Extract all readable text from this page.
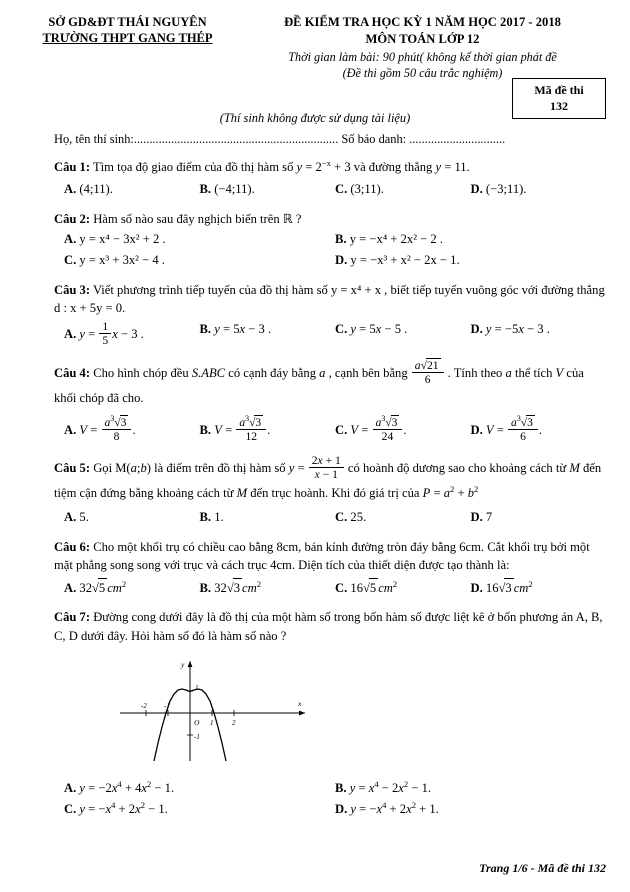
SỞ GD&ĐT THÁI NGUYÊN
TRƯỜNG THPT GANG THÉP
ĐỀ KIỂM TRA HỌC KỲ 1 NĂM HỌC 2017 - 2018
MÔN TOÁN LỚP 12
Thời gian làm bài: 90 phút( không kể thời gian phát đề
(Đề thi gồm 50 câu trắc nghiệm)
Mã đề thi
132
(Thí sinh không được sử dụng tài liệu)
Họ, tên thí sinh:.................................................................. Số báo danh: ...............................
Câu 1: Tìm tọa độ giao điểm của đồ thị hàm số $y = 2^{-x} + 3$ và đường thẳng y = 11.
A. (4;11).	B. (−4;11).	C. (3;11).	D. (−3;11).
Câu 2: Hàm số nào sau đây nghịch biến trên ℝ ?
A. y = x⁴ − 3x² + 2 .	B. y = −x⁴ + 2x² − 2 .
C. y = x³ + 3x² − 4 .	D. y = −x³ + x² − 2x − 1.
Câu 3: Viết phương trình tiếp tuyến của đồ thị hàm số y = x⁴ + x , biết tiếp tuyến vuông góc với đường thẳng d : x + 5y = 0.
A. $y = \frac{1}{5}$ x − 3 .	B. y = 5x − 3 .	C. y = 5x − 5 .	D. y = −5x − 3 .
Câu 4: Cho hình chóp đều S.ABC có cạnh đáy bằng a , cạnh bên bằng $\frac{a√21}{6}$ . Tính theo a thể tích V của khối chóp đã cho.
A. $V = \frac{a^3√3}{8}$ .	B. $V = \frac{a^3√3}{12}$ .	C. $V = \frac{a^3√3}{24}$ .	D. $V = \frac{a^3√3}{6}$ .
Câu 5: Gọi M(a;b) là điểm trên đồ thị hàm số $y = \frac{2x + 1}{x - 1}$ có hoành độ dương sao cho khoảng cách từ M đến tiệm cận đứng bằng khoảng cách từ M đến trục hoành. Khi đó giá trị của $P = a^2 + b^2$
A. 5.	B. 1.	C. 25.	D. 7
Câu 6: Cho một khối trụ có chiều cao bằng 8cm, bán kính đường tròn đáy bằng 6cm. Cắt khối trụ bởi một mặt phẳng song song với trục và cách trục 4cm. Diện tích của thiết diện được tạo thành là:
A. 32√5 $cm^2$	B. 32√3 $cm^2$	C. 16√5 $cm^2$	D. 16√3 $cm^2$
Câu 7: Đường cong dưới đây là đồ thị của một hàm số trong bốn hàm số được liệt kê ở bốn phương án A, B, C, D dưới đây. Hỏi hàm số đó là hàm số nào ?
-2 -1
1	2
1
-1
O
y
x
A. $y = -2x^4 + 4x^2 - 1$.	B. $y = x^4 - 2x^2 - 1$.
C. $y = -x^4 + 2x^2 - 1$.	D. $y = -x^4 + 2x^2 + 1$.
Trang 1/6 - Mã đề thi 132
